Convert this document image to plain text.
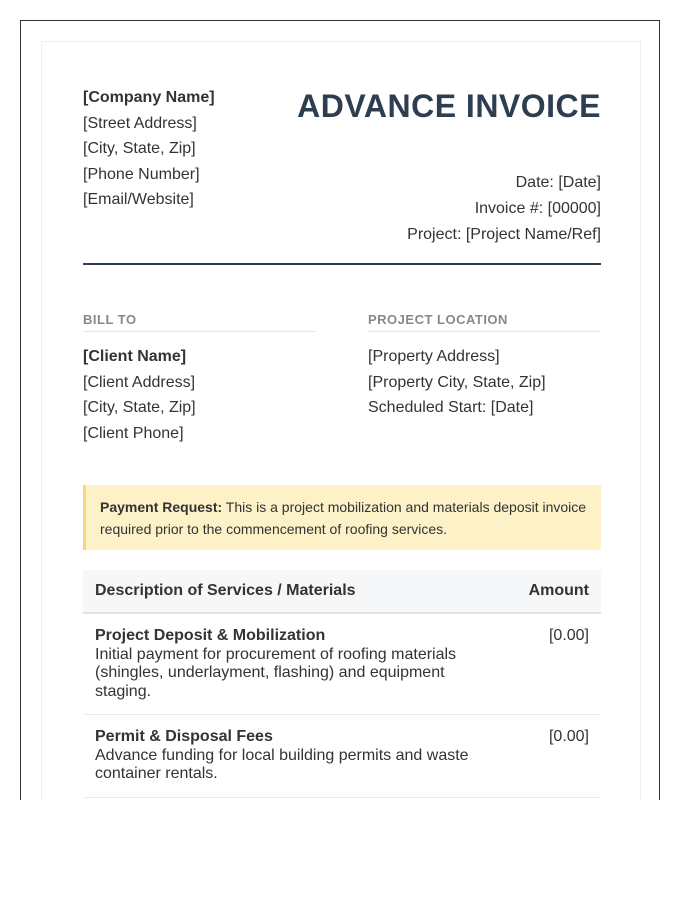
[Company Name]
[Street Address]
[City, State, Zip]
[Phone Number]
[Email/Website]
ADVANCE INVOICE
Date: [Date]
Invoice #: [00000]
Project: [Project Name/Ref]
BILL TO
[Client Name]
[Client Address]
[City, State, Zip]
[Client Phone]
PROJECT LOCATION
[Property Address]
[Property City, State, Zip]
Scheduled Start: [Date]
Payment Request: This is a project mobilization and materials deposit invoice required prior to the commencement of roofing services.
Description of Services / Materials	Amount
Project Deposit & Mobilization
Initial payment for procurement of roofing materials (shingles, underlayment, flashing) and equipment staging.
[0.00]
Permit & Disposal Fees
Advance funding for local building permits and waste container rentals.
[0.00]
